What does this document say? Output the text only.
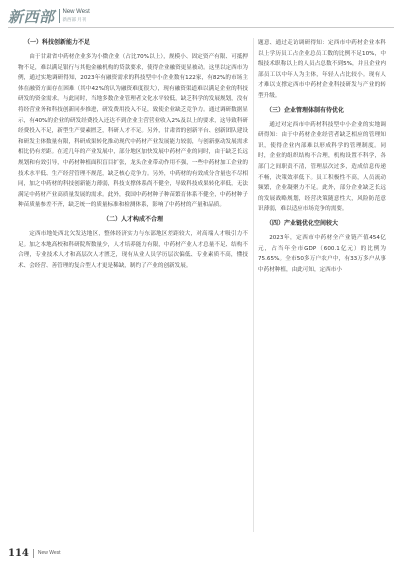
新西部 New West
新西部 月刊
（一）科技创新能力不足

由于甘肃省中药材企业多为小微企业（占比70%以上），规模小、固定资产有限、可抵押物不足，难以满足银行与其他金融机构的贷款要求，使得企业融资更显被动。这里以定西市为例，通过实地调研得知，2023年有融资需求的科技型中小企业数有122家，有82%的市场主体在融资方面存在困难（其中42%的认为融资难度很大），现有融资渠道难以满足企业的科技研发的资金需求。与此同时，当地多数企业管理者文化水平较低，缺乏科学的发展规划，没有将经营业务和科技创新同步推进，研发费用投入不足，致使企业缺乏竞争力。通过调研数据显示，有40%的企业的研发经费投入还达不到企业主营营业收入2%及以上的要求，这导致科研经费投入不足，新型生产要素匮乏，科研人才不足。另外，甘肃省的创新平台、创新团队建设和研发主体数量有限，科研成果转化推动现代中药材产业发展能力较弱，与创新驱动发展需求相比仍有差距。在近几年的产业发展中，部分地区加快发展中药材产业的同时，由于缺乏长远规划和有效引导，中药材种植面积盲目扩张，龙头企业带动作用不强，一些中药材加工企业的技术水平低、生产经营管理不规范，缺乏核心竞争力。另外，中药材的有效成分含量也不尽相同，加之中药材的科技创新能力薄弱，科技支撑体系尚不健全，导致科技成果转化率低，无法满足中药材产业高质量发展的需求。此外，我国中药材种子种苗繁育体系不健全，中药材种子种苗质量参差不齐，缺乏统一的质量标准和检测体系，影响了中药材的产量和品质。

（二）人才构成不合理

定西市地处西北欠发达地区，整体经济实力与东部地区差距较大，对高端人才吸引力不足。加之本地高校和科研院所数量少，人才培养能力有限，中药材产业人才总量不足、结构不合理，专业技术人才和高层次人才匮乏，现有从业人员学历层次偏低、专业素质不高，懂技术、会经营、善管理的复合型人才更是稀缺，制约了产业的创新发展。

题意、通过走访调研得知：定西市中药材企业本科以上学历员工占企业总员工数的比例不足10%，中级技术职称以上的人员占总数不到5%，并且企业内部员工以中年人为主体，年轻人占比较小。现有人才难以支撑定西市中药材企业科技研发与产业的转型升级。

（三）企业管理体制有待优化

通过对定西市中药材科技型中小企业的实地调研得知：由于中药材企业经营者缺乏相应的管理知识，使得企业内部难以形成科学的管理制度。同时，企业的组织结构不合理，机构设置不科学，各部门之间职责不清，管理层次过多，造成信息传递不畅，决策效率低下。员工积极性不高，人员流动频繁，企业凝聚力不足。此外，部分企业缺乏长远的发展战略规划，经营决策随意性大，风险防范意识薄弱，难以适应市场竞争的需要。

（四）产业链优化空间较大

2023年，定西市中药材全产业链产值454亿元，占当年全市GDP（600.1亿元）的比例为75.65%。全市50多万户农户中，有33万多户从事中药材种植，由此可知，定西市小

114 New West
